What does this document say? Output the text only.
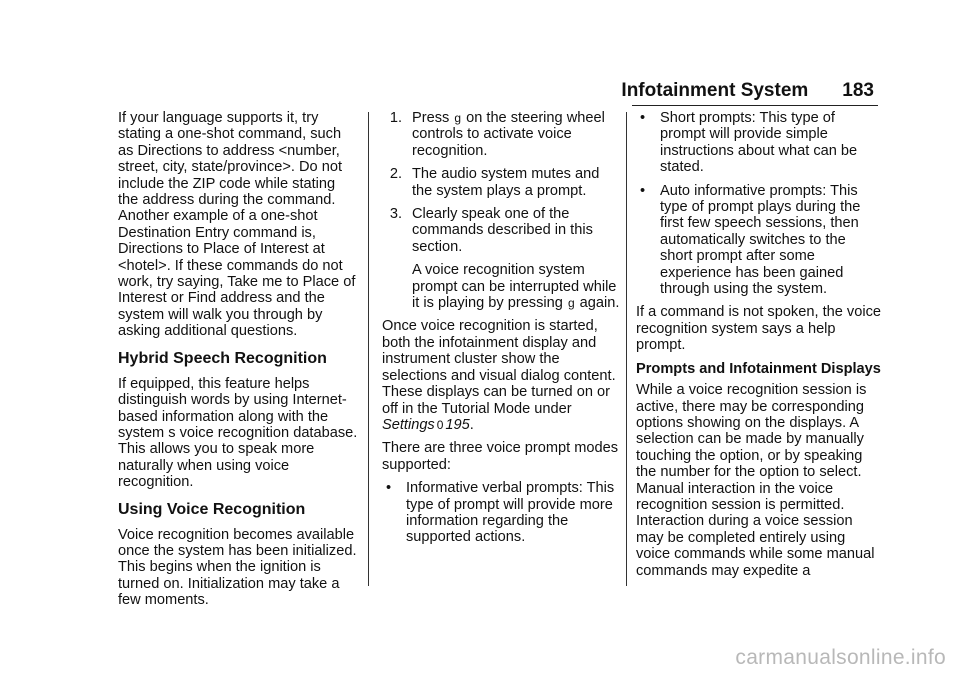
Infotainment System 183

If your language supports it, try stating a one-shot command, such as Directions to address <number, street, city, state/province>. Do not include the ZIP code while stating the address during the command. Another example of a one-shot Destination Entry command is, Directions to Place of Interest at <hotel>. If these commands do not work, try saying, Take me to Place of Interest or Find address and the system will walk you through by asking additional questions.

Hybrid Speech Recognition

If equipped, this feature helps distinguish words by using Internet-based information along with the system s voice recognition database. This allows you to speak more naturally when using voice recognition.

Using Voice Recognition

Voice recognition becomes available once the system has been initialized. This begins when the ignition is turned on. Initialization may take a few moments.

1. Press ɡ on the steering wheel controls to activate voice recognition.
2. The audio system mutes and the system plays a prompt.
3. Clearly speak one of the commands described in this section.

A voice recognition system prompt can be interrupted while it is playing by pressing ɡ again.

Once voice recognition is started, both the infotainment display and instrument cluster show the selections and visual dialog content. These displays can be turned on or off in the Tutorial Mode under Settings 0 195.

There are three voice prompt modes supported:

•	Informative verbal prompts: This type of prompt will provide more information regarding the supported actions.
•	Short prompts: This type of prompt will provide simple instructions about what can be stated.
•	Auto informative prompts: This type of prompt plays during the first few speech sessions, then automatically switches to the short prompt after some experience has been gained through using the system.

If a command is not spoken, the voice recognition system says a help prompt.

Prompts and Infotainment Displays

While a voice recognition session is active, there may be corresponding options showing on the displays. A selection can be made by manually touching the option, or by speaking the number for the option to select. Manual interaction in the voice recognition session is permitted. Interaction during a voice session may be completed entirely using voice commands while some manual commands may expedite a

carmanualsonline.info
